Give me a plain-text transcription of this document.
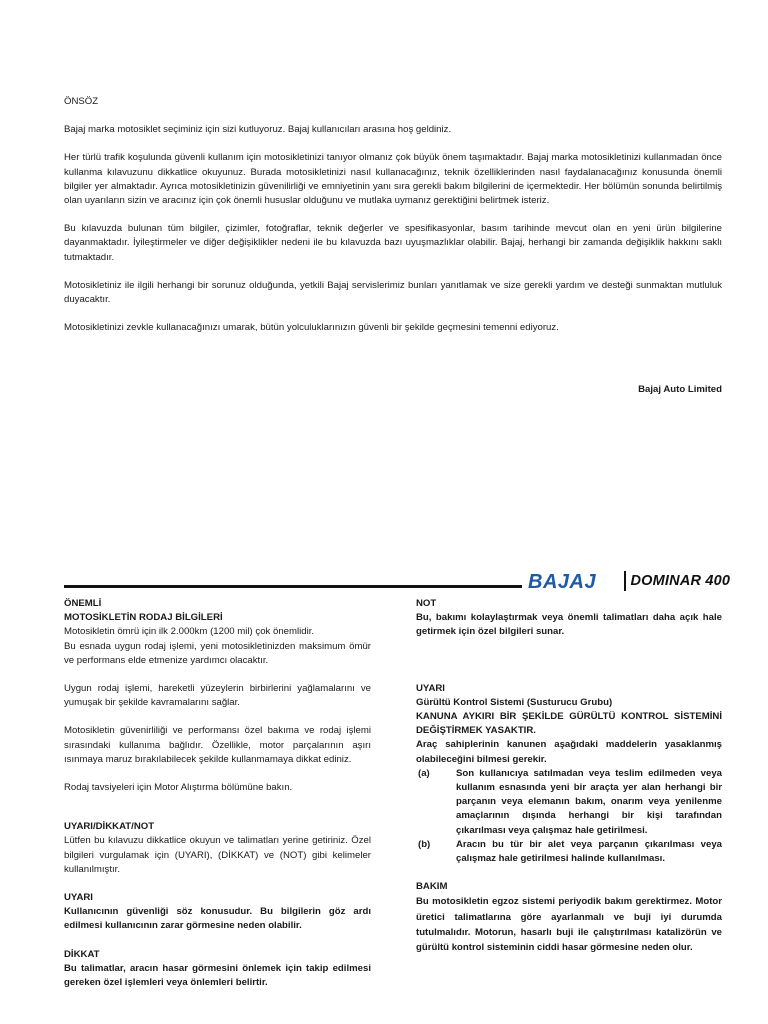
ÖNSÖZ

Bajaj marka motosiklet seçiminiz için sizi kutluyoruz. Bajaj kullanıcıları arasına hoş geldiniz.

Her türlü trafik koşulunda güvenli kullanım için motosikletinizi tanıyor olmanız çok büyük önem taşımaktadır. Bajaj marka motosikletinizi kullanmadan önce kullanma kılavuzunu dikkatlice okuyunuz. Burada motosikletinizi nasıl kullanacağınız, teknik özelliklerinden nasıl faydalanacağınız konusunda önemli bilgiler yer almaktadır. Ayrıca motosikletinizin güvenilirliği ve emniyetinin yanı sıra gerekli bakım bilgilerini de içermektedir. Her bölümün sonunda belirtilmiş olan uyarıların sizin ve aracınız için çok önemli hususlar olduğunu ve mutlaka uymanız gerektiğini belirtmek isteriz.

Bu kılavuzda bulunan tüm bilgiler, çizimler, fotoğraflar, teknik değerler ve spesifikasyonlar, basım tarihinde mevcut olan en yeni ürün bilgilerine dayanmaktadır. İyileştirmeler ve diğer değişiklikler nedeni ile bu kılavuzda bazı uyuşmazlıklar olabilir. Bajaj, herhangi bir zamanda değişiklik hakkını saklı tutmaktadır.

Motosikletiniz ile ilgili herhangi bir sorunuz olduğunda, yetkili Bajaj servislerimiz bunları yanıtlamak ve size gerekli yardım ve desteği sunmaktan mutluluk duyacaktır.

Motosikletinizi zevkle kullanacağınızı umarak, bütün yolculuklarınızın güvenli bir şekilde geçmesini temenni ediyoruz.

Bajaj Auto Limited
BAJAJ DOMINAR 400

ÖNEMLİ

MOTOSİKLETİN RODAJ BİLGİLERİ

Motosikletin ömrü için ilk 2.000km (1200 mil) çok önemlidir.

Bu esnada uygun rodaj işlemi, yeni motosikletinizden maksimum ömür ve performans elde etmenize yardımcı olacaktır.

Uygun rodaj işlemi, hareketli yüzeylerin birbirlerini yağlamalarını ve yumuşak bir şekilde kavramalarını sağlar.

Motosikletin güvenirliliği ve performansı özel bakıma ve rodaj işlemi sırasındaki kullanıma bağlıdır. Özellikle, motor parçalarının aşırı ısınmaya maruz bırakılabilecek şekilde kullanmamaya dikkat ediniz.

Rodaj tavsiyeleri için Motor Alıştırma bölümüne bakın.

UYARI/DİKKAT/NOT

Lütfen bu kılavuzu dikkatlice okuyun ve talimatları yerine getiriniz. Özel bilgileri vurgulamak için (UYARI), (DİKKAT) ve (NOT) gibi kelimeler kullanılmıştır.

UYARI

Kullanıcının güvenliği söz konusudur. Bu bilgilerin göz ardı edilmesi kullanıcının zarar görmesine neden olabilir.

DİKKAT

Bu talimatlar, aracın hasar görmesini önlemek için takip edilmesi gereken özel işlemleri veya önlemleri belirtir.

NOT

Bu, bakımı kolaylaştırmak veya önemli talimatları daha açık hale getirmek için özel bilgileri sunar.

UYARI

Gürültü Kontrol Sistemi (Susturucu Grubu)

KANUNA AYKIRI BİR ŞEKİLDE GÜRÜLTÜ KONTROL SİSTEMİNİ DEĞİŞTİRMEK YASAKTIR.

Araç sahiplerinin kanunen aşağıdaki maddelerin yasaklanmış olabileceğini bilmesi gerekir.

(a)	Son kullanıcıya satılmadan veya teslim edilmeden veya kullanım esnasında yeni bir araçta yer alan herhangi bir parçanın veya elemanın bakım, onarım veya yenilenme amaçlarının dışında herhangi bir kişi tarafından çıkarılması veya çalışmaz hale getirilmesi.
(b)	Aracın bu tür bir alet veya parçanın çıkarılması veya çalışmaz hale getirilmesi halinde kullanılması.

BAKIM

Bu motosikletin egzoz sistemi periyodik bakım gerektirmez. Motor üretici talimatlarına göre ayarlanmalı ve buji iyi durumda tutulmalıdır. Motorun, hasarlı buji ile çalıştırılması katalizörün ve gürültü kontrol sisteminin ciddi hasar görmesine neden olur.
